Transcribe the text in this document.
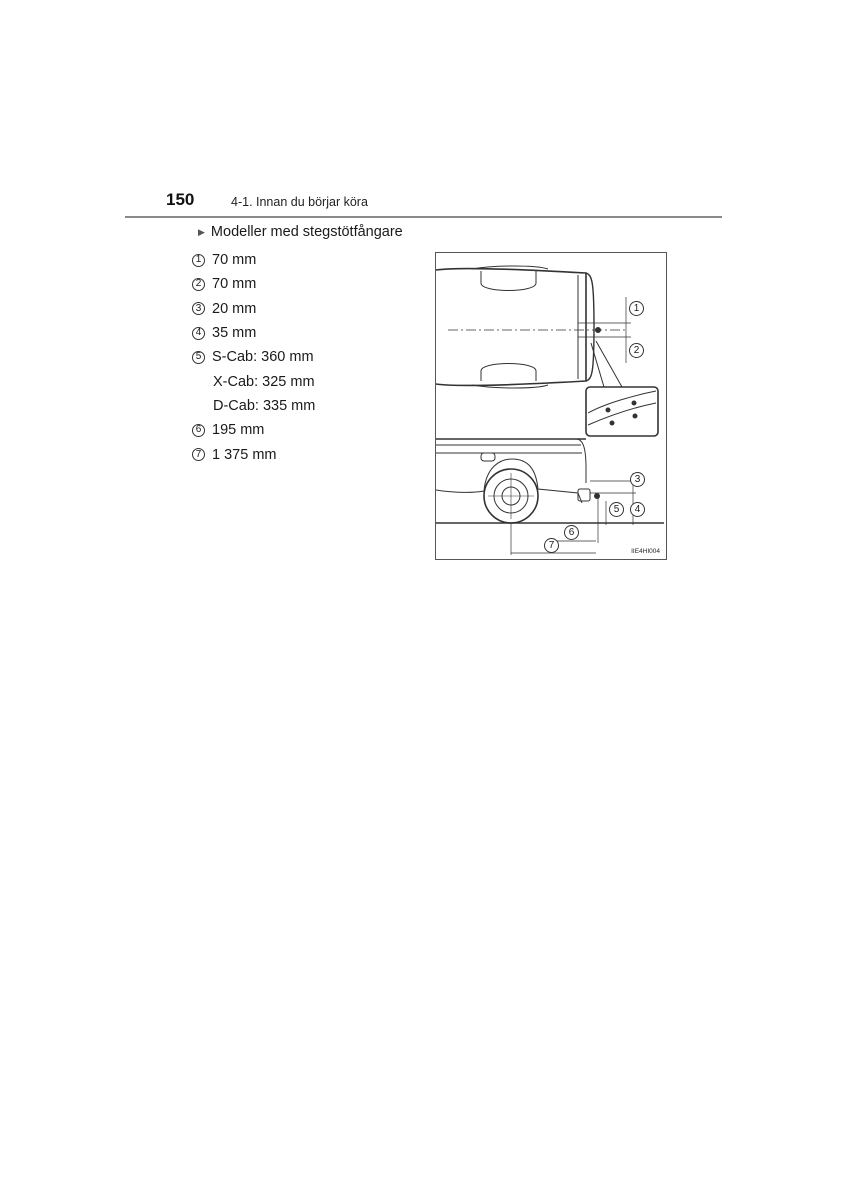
150	4-1. Innan du börjar köra
▶ Modeller med stegstötfångare
1 70 mm
2 70 mm
3 20 mm
4 35 mm
5 S-Cab: 360 mm
X-Cab: 325 mm
D-Cab: 335 mm
6 195 mm
7 1 375 mm
1
2
3
4
5
6
7
IIE4HI004
